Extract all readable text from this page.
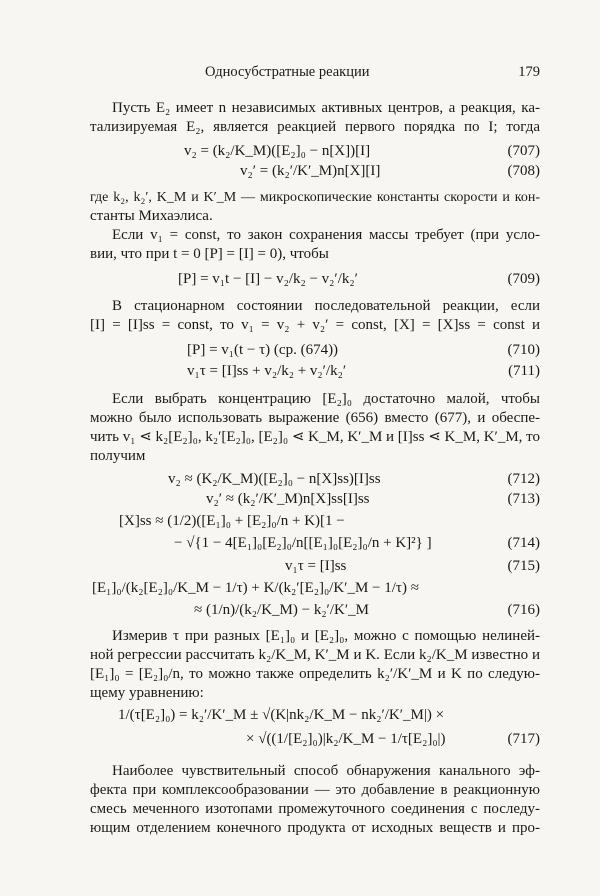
Односубстратные реакции	179
Пусть E₂ имеет n независимых активных центров, а реакция, ка-
тализируемая E₂, является реакцией первого порядка по I; тогда
v₂ = (k₂/K_M)([E₂]₀ − n[X])[I]	(707)
v₂′ = (k₂′/K′_M)n[X][I]	(708)
где k₂, k₂′, K_M и K′_M — микроскопические константы скорости и кон-
станты Михаэлиса.
Если v₁ = const, то закон сохранения массы требует (при усло-
вии, что при t = 0 [P] = [I] = 0), чтобы
[P] = v₁t − [I] − v₂/k₂ − v₂′/k₂′	(709)
В стационарном состоянии последовательной реакции, если
[I] = [I]ss = const, то v₁ = v₂ + v₂′ = const, [X] = [X]ss = const и
[P] = v₁(t − τ) (ср. (674))	(710)
v₁τ = [I]ss + v₂/k₂ + v₂′/k₂′	(711)
Если выбрать концентрацию [E₂]₀ достаточно малой, чтобы
можно было использовать выражение (656) вместо (677), и обеспе-
чить v₁ ⋖ k₂[E₂]₀, k₂′[E₂]₀, [E₂]₀ ⋖ K_M, K′_M и [I]ss ⋖ K_M, K′_M, то
получим
v₂ ≈ (K₂/K_M)([E₂]₀ − n[X]ss)[I]ss	(712)
v₂′ ≈ (k₂′/K′_M)n[X]ss[I]ss	(713)
[X]ss ≈ (1/2)([E₁]₀ + [E₂]₀/n + K)[1 −
− √{1 − 4[E₁]₀[E₂]₀/n[[E₁]₀[E₂]₀/n + K]²} ]	(714)
v₁τ = [I]ss	(715)
[E₁]₀/(k₂[E₂]₀/K_M − 1/τ) + K/(k₂′[E₂]₀/K′_M − 1/τ) ≈
≈ (1/n)/(k₂/K_M) − k₂′/K′_M	(716)
Измерив τ при разных [E₁]₀ и [E₂]₀, можно с помощью нелиней-
ной регрессии рассчитать k₂/K_M, K′_M и K. Если k₂/K_M известно и
[E₁]₀ = [E₂]₀/n, то можно также определить k₂′/K′_M и K по следую-
щему уравнению:
1/(τ[E₂]₀) = k₂′/K′_M ± √(K|nk₂/K_M − nk₂′/K′_M|) ×
× √((1/[E₂]₀)|k₂/K_M − 1/τ[E₂]₀|)	(717)
Наиболее чувствительный способ обнаружения канального эф-
фекта при комплексообразовании — это добавление в реакционную
смесь меченного изотопами промежуточного соединения с последу-
ющим отделением конечного продукта от исходных веществ и про-
